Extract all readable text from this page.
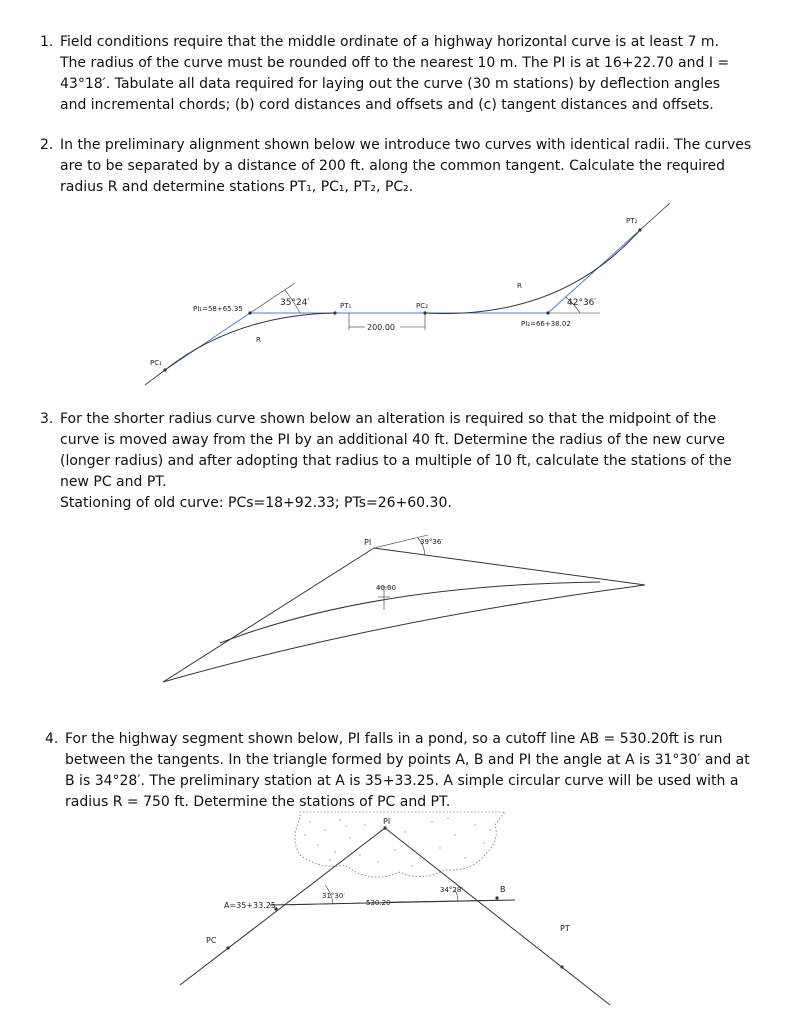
1. Field conditions require that the middle ordinate of a highway horizontal curve is at least 7 m.
The radius of the curve must be rounded off to the nearest 10 m. The PI is at 16+22.70 and I =
43°18′. Tabulate all data required for laying out the curve (30 m stations) by deflection angles
and incremental chords; (b) cord distances and offsets and (c) tangent distances and offsets.
2. In the preliminary alignment shown below we introduce two curves with identical radii. The curves
are to be separated by a distance of 200 ft. along the common tangent. Calculate the required
radius R and determine stations PT₁, PC₁, PT₂, PC₂.
PI₁=58+65.35
35°24′	PT₁	PC₂
200.00
R
PC₁
R
42°36′
PI₂=66+38.02
PT₂
3. For the shorter radius curve shown below an alteration is required so that the midpoint of the
curve is moved away from the PI by an additional 40 ft. Determine the radius of the new curve
(longer radius) and after adopting that radius to a multiple of 10 ft, calculate the stations of the
new PC and PT.
Stationing of old curve: PCs=18+92.33; PTs=26+60.30.
PI	39°36′
40.00
4. For the highway segment shown below, PI falls in a pond, so a cutoff line AB = 530.20ft is run
between the tangents. In the triangle formed by points A, B and PI the angle at A is 31°30′ and at
B is 34°28′. The preliminary station at A is 35+33.25. A simple circular curve will be used with a
radius R = 750 ft. Determine the stations of PC and PT.
PI
A=35+33.25
31°30′
530.20
34°28′	B
PC
PT
